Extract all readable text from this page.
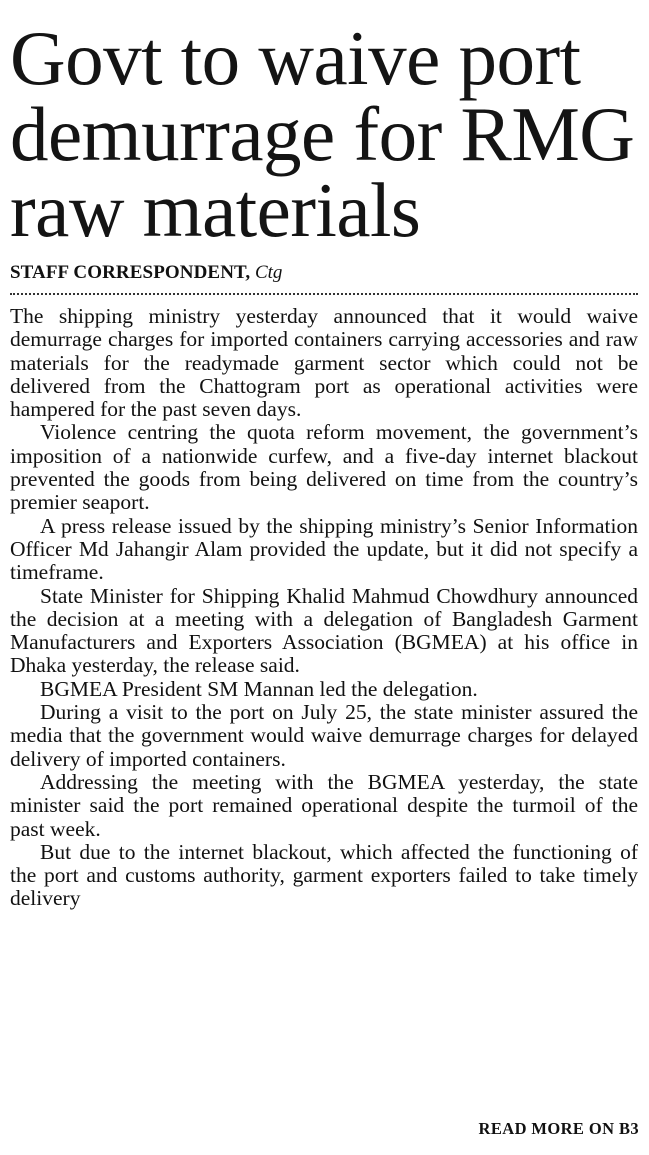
Govt to waive port demurrage for RMG raw materials
STAFF CORRESPONDENT, Ctg

The shipping ministry yesterday announced that it would waive demurrage charges for imported containers carrying accessories and raw materials for the readymade garment sector which could not be delivered from the Chattogram port as operational activities were hampered for the past seven days.

Violence centring the quota reform movement, the government’s imposition of a nationwide curfew, and a five-day internet blackout prevented the goods from being delivered on time from the country’s premier seaport.

A press release issued by the shipping ministry’s Senior Information Officer Md Jahangir Alam provided the update, but it did not specify a timeframe.

State Minister for Shipping Khalid Mahmud Chowdhury announced the decision at a meeting with a delegation of Bangladesh Garment Manufacturers and Exporters Association (BGMEA) at his office in Dhaka yesterday, the release said.

BGMEA President SM Mannan led the delegation.

During a visit to the port on July 25, the state minister assured the media that the government would waive demurrage charges for delayed delivery of imported containers.

Addressing the meeting with the BGMEA yesterday, the state minister said the port remained operational despite the turmoil of the past week.

But due to the internet blackout, which affected the functioning of the port and customs authority, garment exporters failed to take timely delivery

READ MORE ON B3
